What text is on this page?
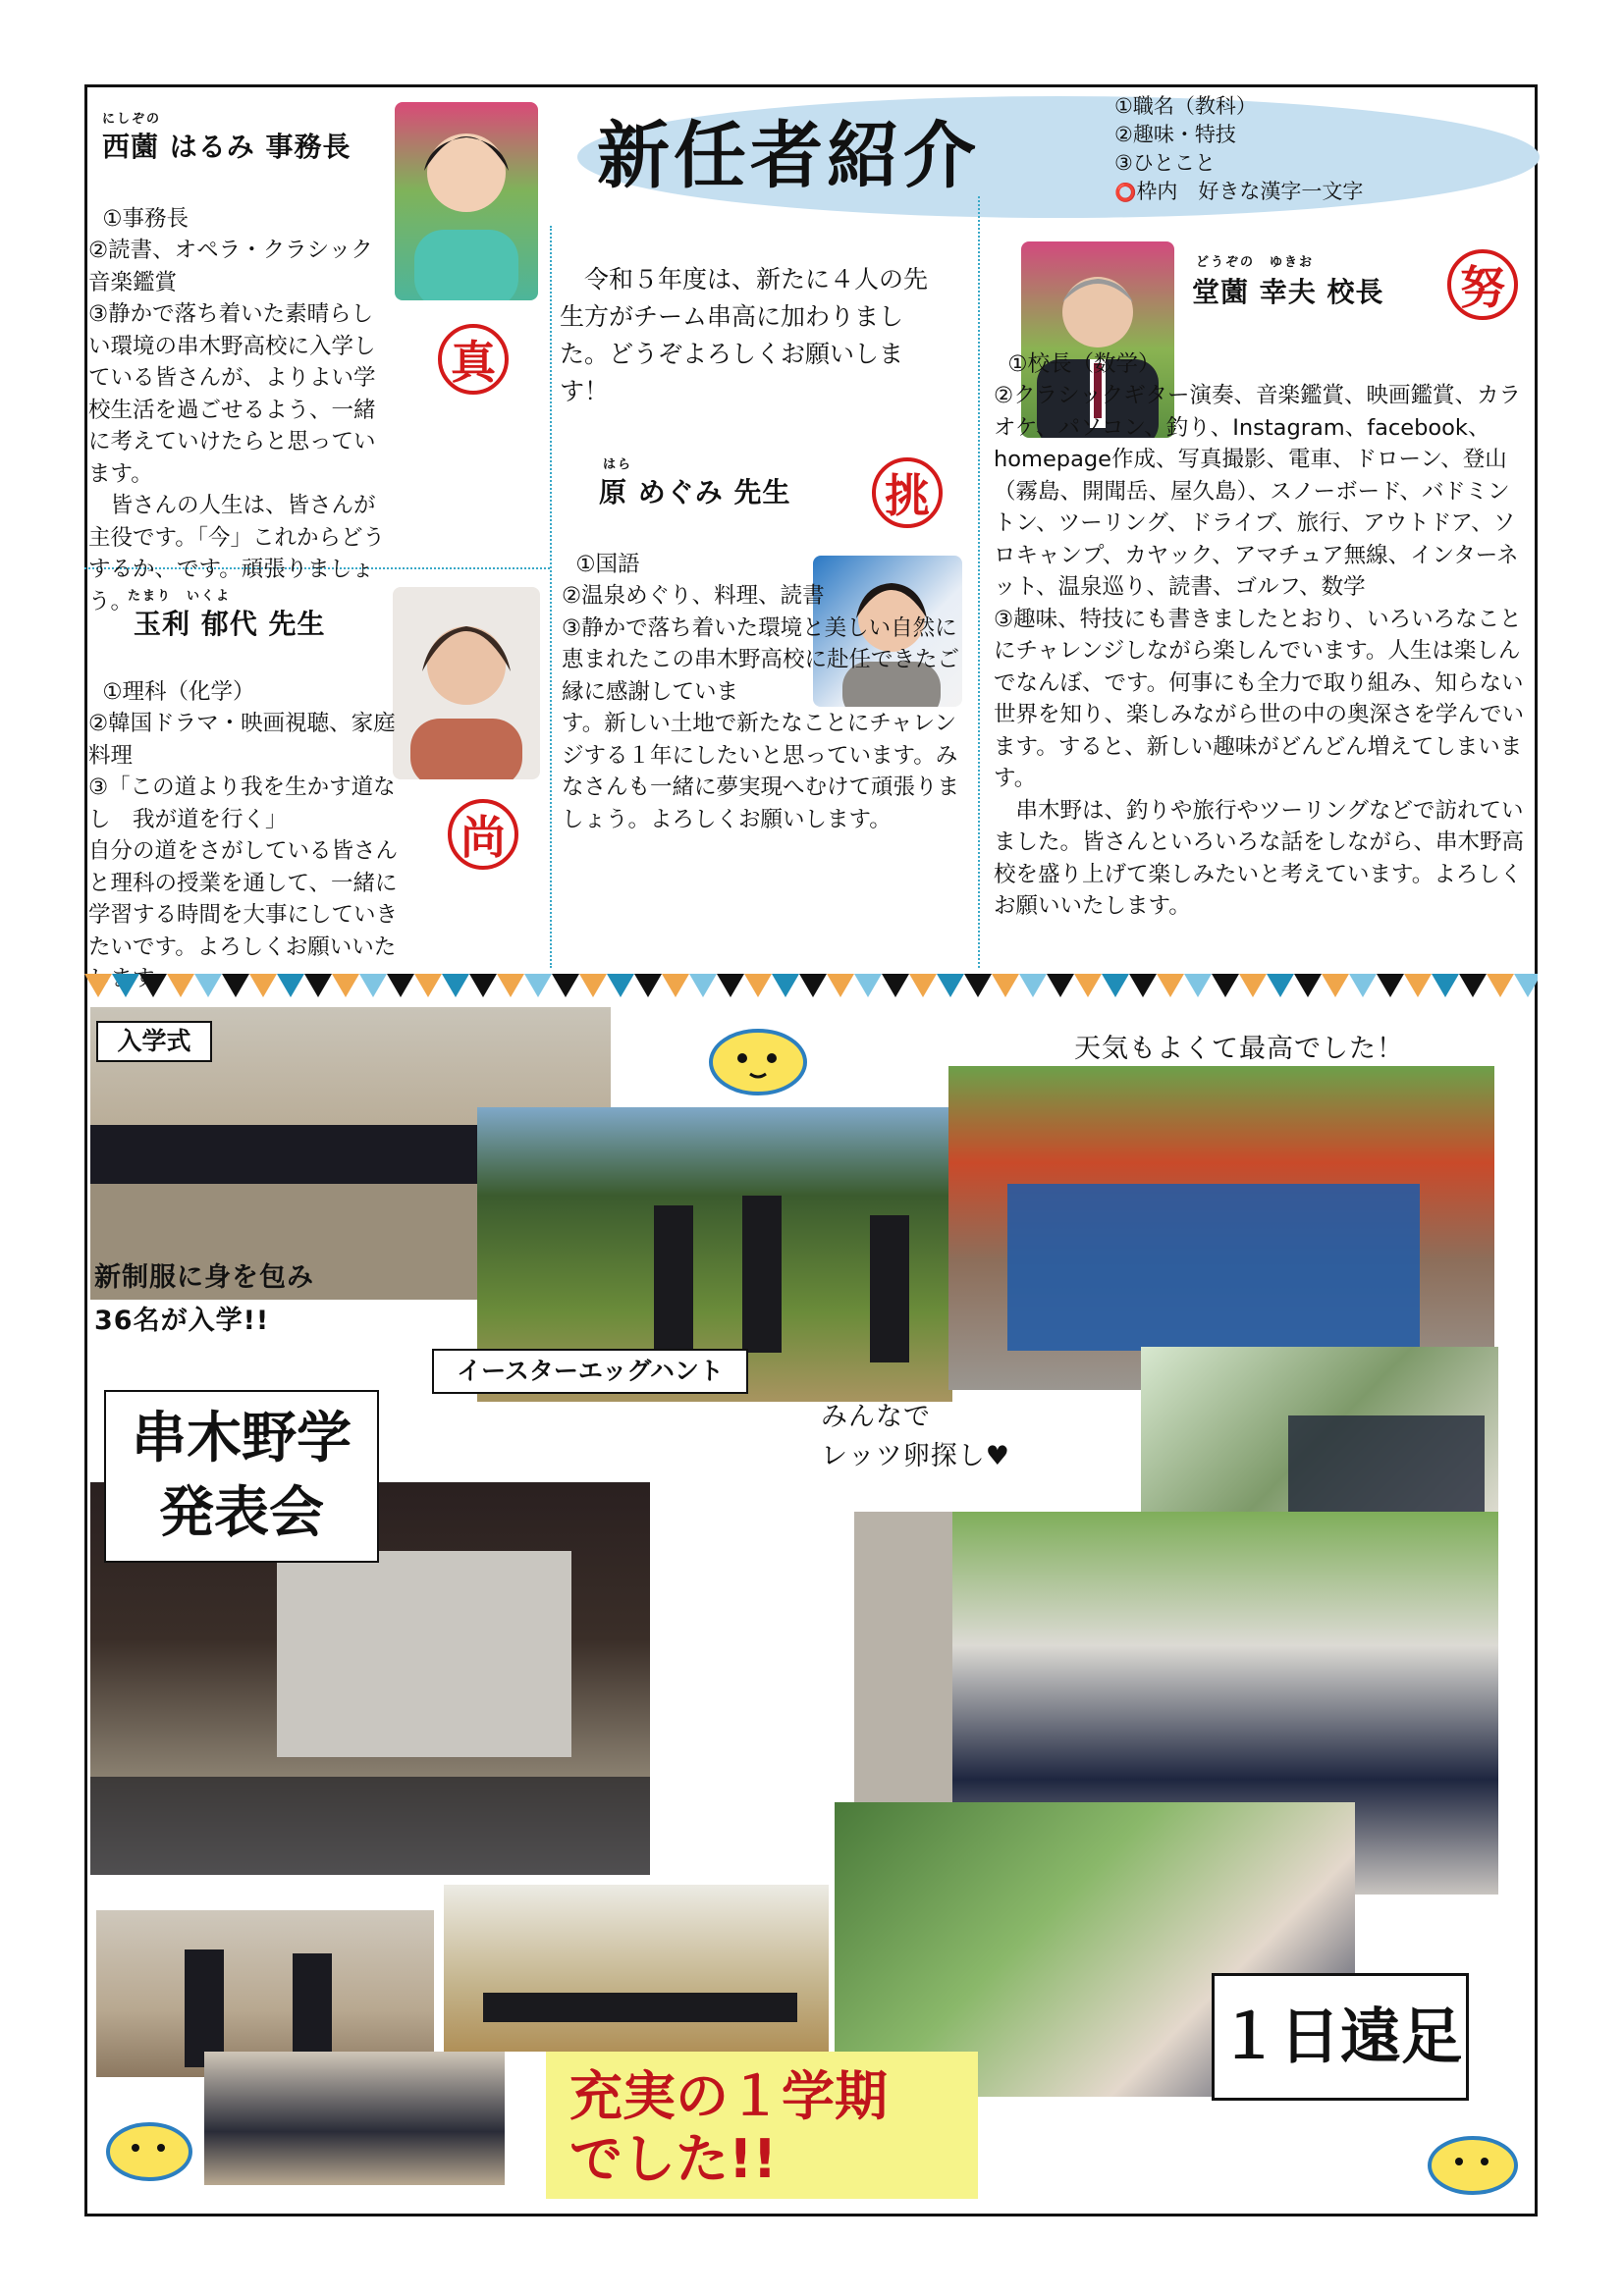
新任者紹介
①職名（教科）
②趣味・特技
③ひとこと
⭕枠内　好きな漢字一文字
にしぞの
西薗 はるみ 事務長

①事務長
②読書、オペラ・クラシック音楽鑑賞
③静かで落ち着いた素晴らしい環境の串木野高校に入学している皆さんが、よりよい学校生活を過ごせるよう、一緒に考えていけたらと思っています。
　皆さんの人生は、皆さんが主役です。「今」これからどうするか、です。頑張りましょう。

真
たまり　いくよ
玉利 郁代 先生

①理科（化学）
②韓国ドラマ・映画視聴、家庭料理
③「この道より我を生かす道なし　我が道を行く」
自分の道をさがしている皆さんと理科の授業を通して、一緒に学習する時間を大事にしていきたいです。よろしくお願いいたしま

尚
　令和５年度は、新たに４人の先生方がチーム串高に加わりました。どうぞよろしくお願いします！
はら
原 めぐみ 先生 挑

①国語
②温泉めぐり、料理、読書
③静かで落ち着いた環境と美しい自然に恵まれたこの串木野高校に赴任できたご縁に感謝していま
す。新しい土地で新たなことにチャレンジする１年にしたいと思っています。みなさんも一緒に夢実現へむけて頑張りましょう。よろしくお願いします。

どうぞの　ゆきお
堂薗 幸夫 校長 努

①校長（数学）
②クラシックギター演奏、音楽鑑賞、映画鑑賞、カラオケ、パソコン、釣り、Instagram、facebook、homepage作成、写真撮影、電車、ドローン、登山（霧島、開聞岳、屋久島）、スノーボード、バドミントン、ツーリング、ドライブ、旅行、アウトドア、ソロキャンプ、カヤック、アマチュア無線、インターネット、温泉巡り、読書、ゴルフ、数学
③趣味、特技にも書きましたとおり、いろいろなことにチャレンジしながら楽しんでいます。人生は楽しんでなんぼ、です。何事にも全力で取り組み、知らない世界を知り、楽しみながら世の中の奥深さを学んでいます。すると、新しい趣味がどんどん増えてしまいます。
　串木野は、釣りや旅行やツーリングなどで訪れていました。皆さんといろいろな話をしながら、串木野高校を盛り上げて楽しみたいと考えています。よろしくお願いいたします。

入学式
新制服に身を包み
36名が入学!!
イースターエッグハント
みんなで
レッツ卵探し♥
天気もよくて最高でした！
串木野学
発表会
充実の１学期
でした!!
１日遠足
